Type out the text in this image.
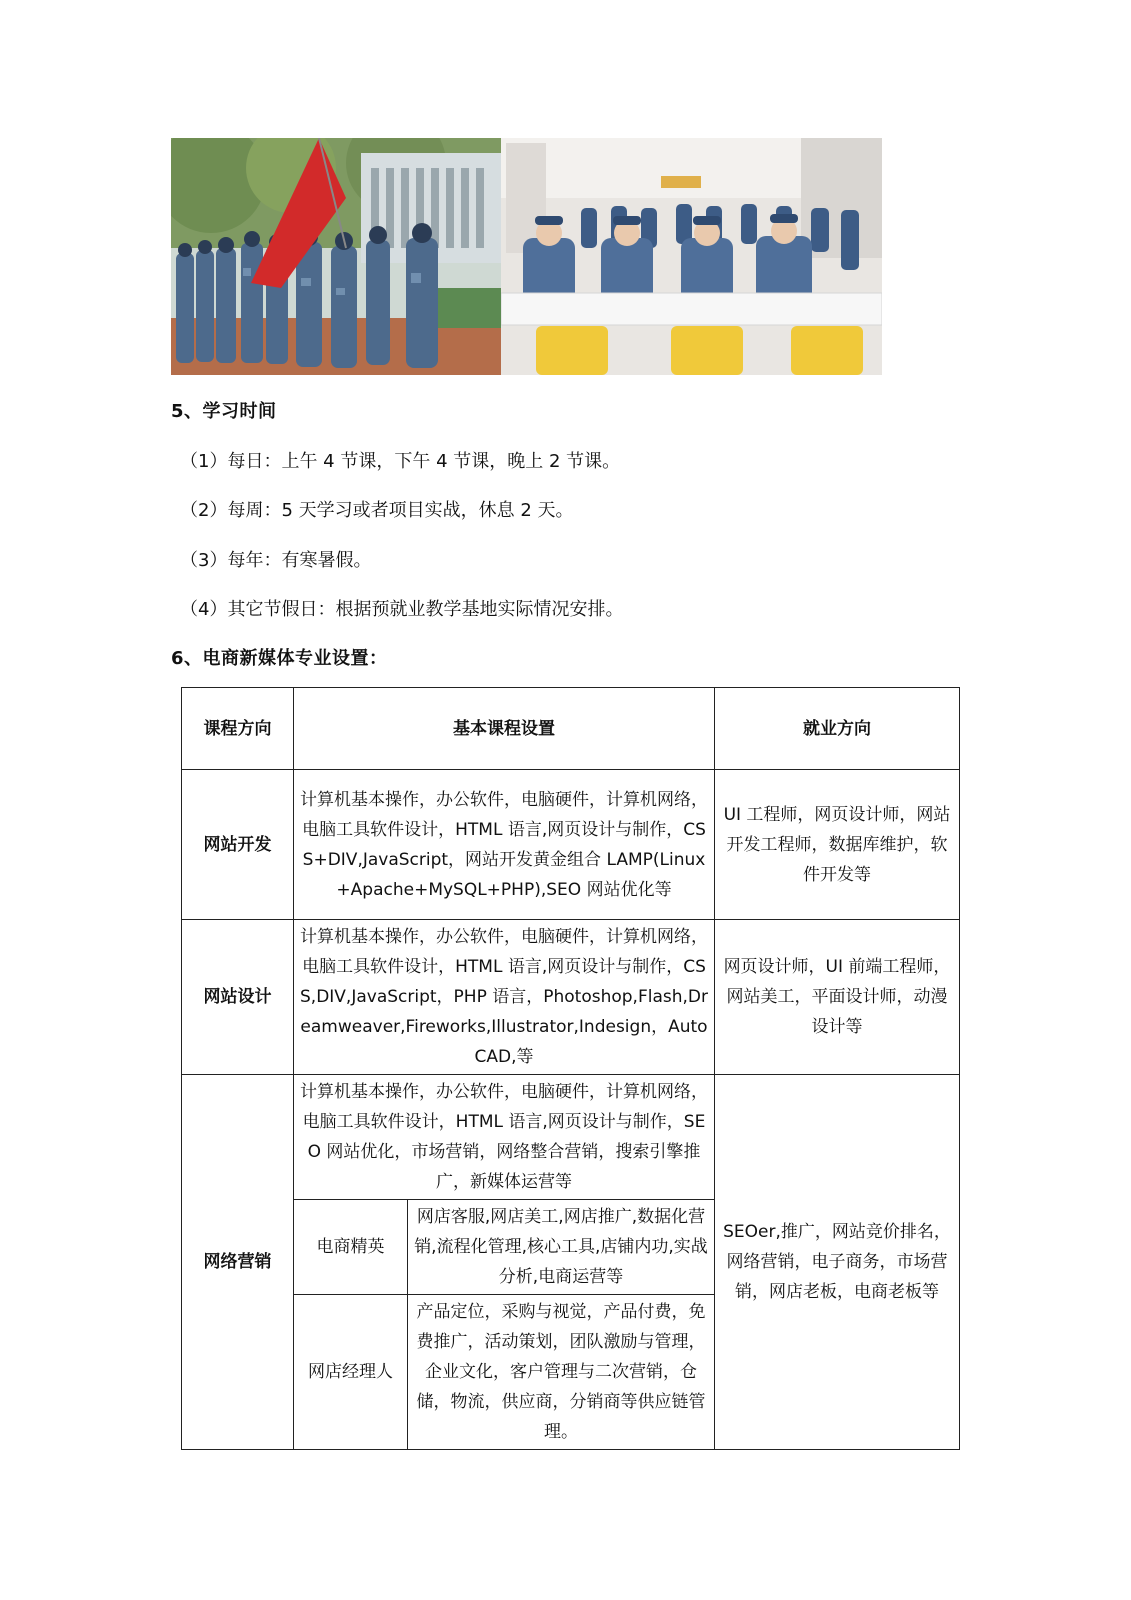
5、学习时间
（1）每日：上午 4 节课，下午 4 节课，晚上 2 节课。
（2）每周：5 天学习或者项目实战，休息 2 天。
（3）每年：有寒暑假。
（4）其它节假日：根据预就业教学基地实际情况安排。
6、电商新媒体专业设置：
课程方向	基本课程设置		就业方向
网站开发	计算机基本操作，办公软件，电脑硬件，计算机网络，电脑工具软件设计，HTML 语言,网页设计与制作，CSS+DIV,JavaScript，网站开发黄金组合 LAMP(Linux+Apache+MySQL+PHP),SEO 网站优化等		UI 工程师，网页设计师，网站开发工程师，数据库维护，软件开发等
网站设计	计算机基本操作，办公软件，电脑硬件，计算机网络，电脑工具软件设计，HTML 语言,网页设计与制作，CSS,DIV,JavaScript，PHP 语言，Photoshop,Flash,Dreamweaver,Fireworks,Illustrator,Indesign，AutoCAD,等		网页设计师，UI 前端工程师，网站美工，平面设计师，动漫设计等
网络营销	计算机基本操作，办公软件，电脑硬件，计算机网络，电脑工具软件设计，HTML 语言,网页设计与制作，SEO 网站优化，市场营销，网络整合营销，搜索引擎推广，新媒体运营等		SEOer,推广，网站竞价排名，网络营销，电子商务，市场营销，网店老板，电商老板等
	电商精英	网店客服,网店美工,网店推广,数据化营销,流程化管理,核心工具,店铺内功,实战分析,电商运营等	
	网店经理人	产品定位，采购与视觉，产品付费，免费推广，活动策划，团队激励与管理，企业文化，客户管理与二次营销，仓储，物流，供应商，分销商等供应链管理。	
